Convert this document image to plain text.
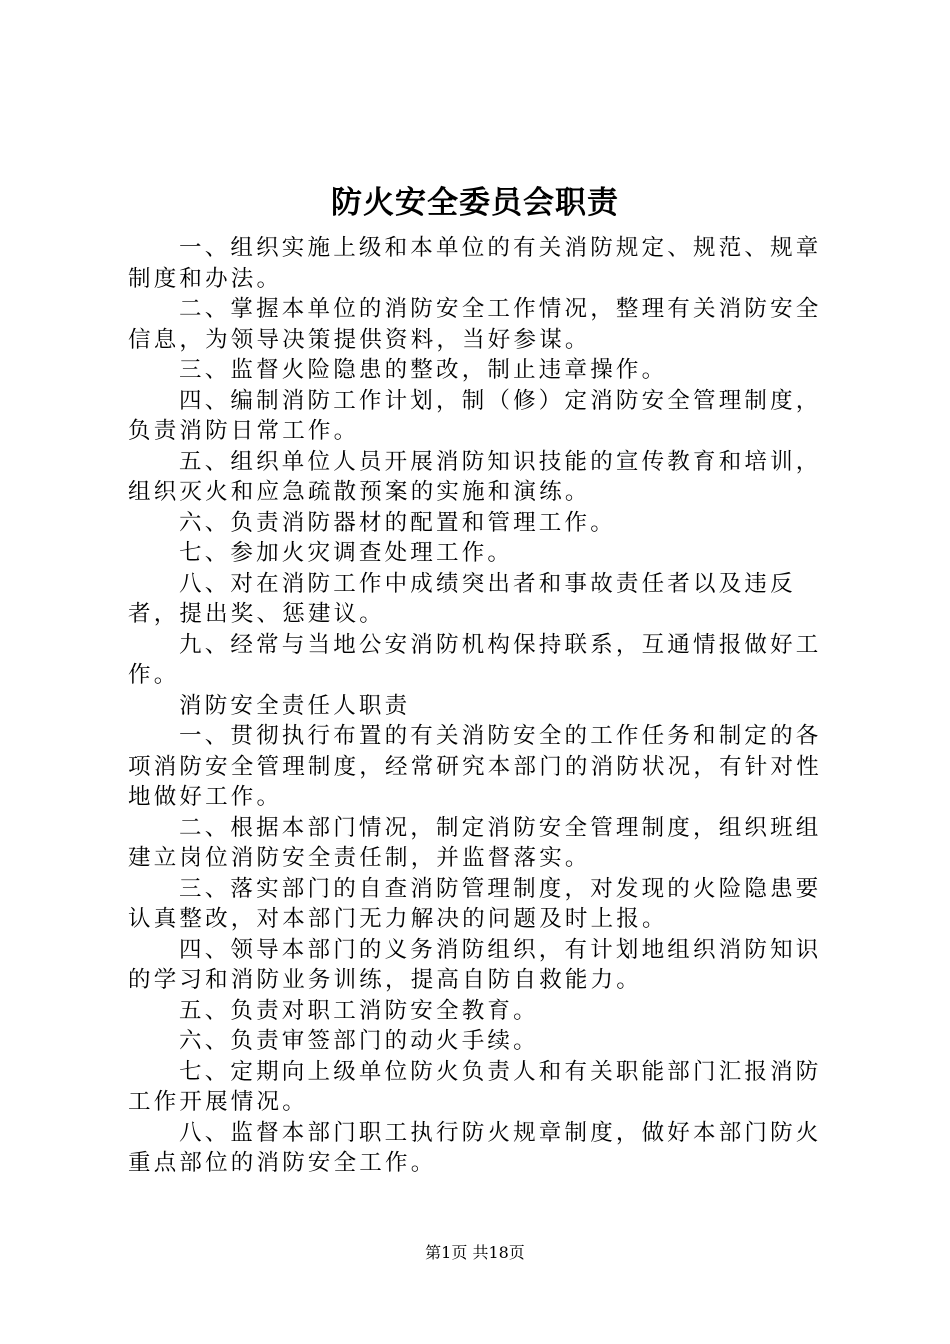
防火安全委员会职责

一、组织实施上级和本单位的有关消防规定、规范、规章制度和办法。

二、掌握本单位的消防安全工作情况，整理有关消防安全信息，为领导决策提供资料，当好参谋。

三、监督火险隐患的整改，制止违章操作。

四、编制消防工作计划，制（修）定消防安全管理制度，负责消防日常工作。

五、组织单位人员开展消防知识技能的宣传教育和培训，组织灭火和应急疏散预案的实施和演练。

六、负责消防器材的配置和管理工作。

七、参加火灾调查处理工作。

八、对在消防工作中成绩突出者和事故责任者以及违反者，提出奖、惩建议。

九、经常与当地公安消防机构保持联系，互通情报做好工作。

消防安全责任人职责

一、贯彻执行布置的有关消防安全的工作任务和制定的各项消防安全管理制度，经常研究本部门的消防状况，有针对性地做好工作。

二、根据本部门情况，制定消防安全管理制度，组织班组建立岗位消防安全责任制，并监督落实。

三、落实部门的自查消防管理制度，对发现的火险隐患要认真整改，对本部门无力解决的问题及时上报。

四、领导本部门的义务消防组织，有计划地组织消防知识的学习和消防业务训练，提高自防自救能力。

五、负责对职工消防安全教育。

六、负责审签部门的动火手续。

七、定期向上级单位防火负责人和有关职能部门汇报消防工作开展情况。

八、监督本部门职工执行防火规章制度，做好本部门防火重点部位的消防安全工作。

第1页 共18页
